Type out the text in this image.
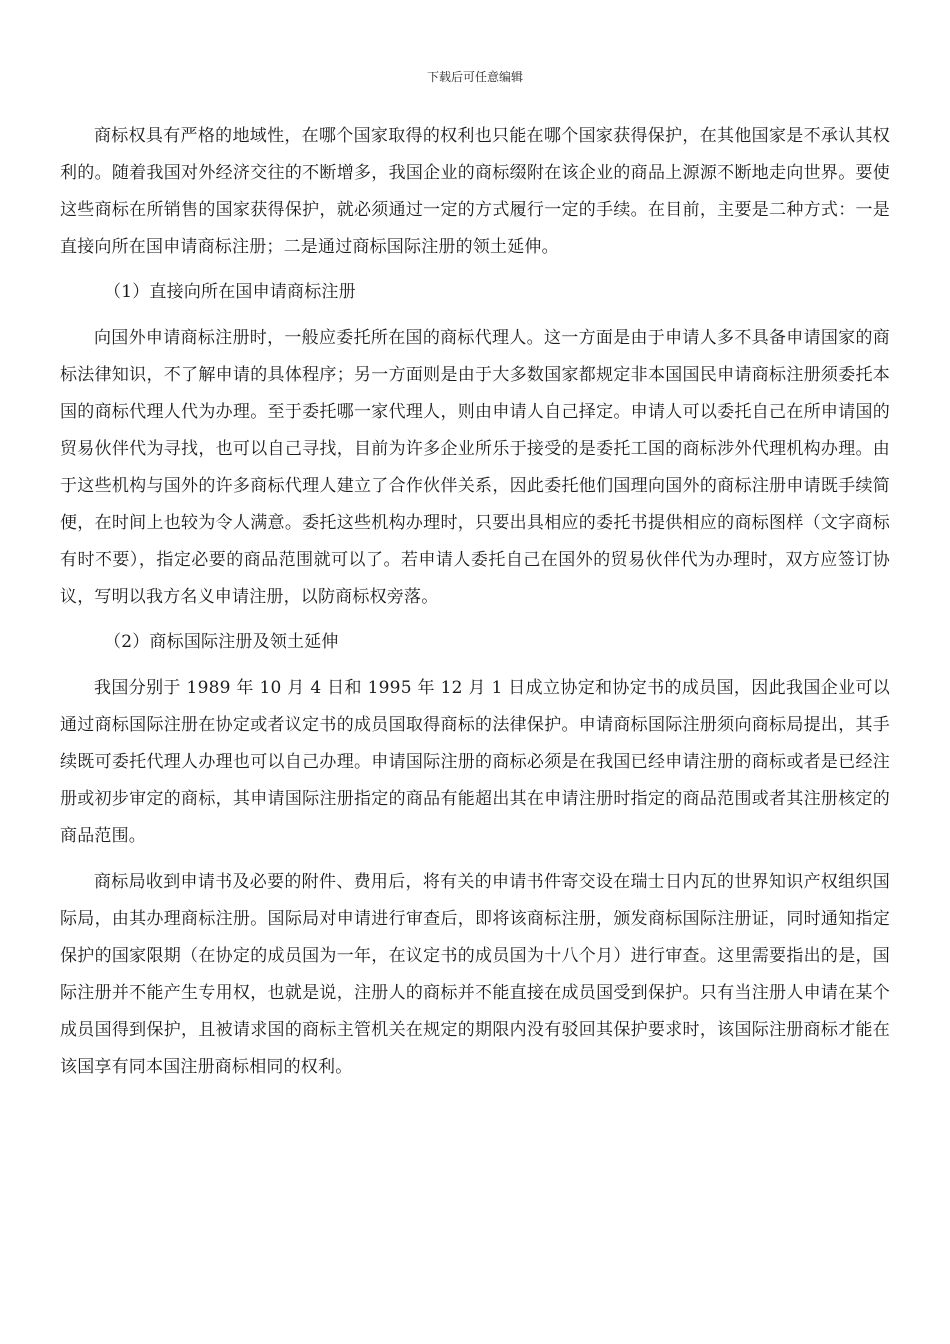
下载后可任意编辑

商标权具有严格的地域性，在哪个国家取得的权利也只能在哪个国家获得保护，在其他国家是不承认其权利的。随着我国对外经济交往的不断增多，我国企业的商标缀附在该企业的商品上源源不断地走向世界。要使这些商标在所销售的国家获得保护，就必须通过一定的方式履行一定的手续。在目前，主要是二种方式：一是直接向所在国申请商标注册；二是通过商标国际注册的领土延伸。

（1）直接向所在国申请商标注册

向国外申请商标注册时，一般应委托所在国的商标代理人。这一方面是由于申请人多不具备申请国家的商标法律知识，不了解申请的具体程序；另一方面则是由于大多数国家都规定非本国国民申请商标注册须委托本国的商标代理人代为办理。至于委托哪一家代理人，则由申请人自己择定。申请人可以委托自己在所申请国的贸易伙伴代为寻找，也可以自己寻找，目前为许多企业所乐于接受的是委托工国的商标涉外代理机构办理。由于这些机构与国外的许多商标代理人建立了合作伙伴关系，因此委托他们国理向国外的商标注册申请既手续简便，在时间上也较为令人满意。委托这些机构办理时，只要出具相应的委托书提供相应的商标图样（文字商标有时不要），指定必要的商品范围就可以了。若申请人委托自己在国外的贸易伙伴代为办理时，双方应签订协议，写明以我方名义申请注册，以防商标权旁落。

（2）商标国际注册及领土延伸

我国分别于 1989 年 10 月 4 日和 1995 年 12 月 1 日成立协定和协定书的成员国，因此我国企业可以通过商标国际注册在协定或者议定书的成员国取得商标的法律保护。申请商标国际注册须向商标局提出，其手续既可委托代理人办理也可以自己办理。申请国际注册的商标必须是在我国已经申请注册的商标或者是已经注册或初步审定的商标，其申请国际注册指定的商品有能超出其在申请注册时指定的商品范围或者其注册核定的商品范围。

商标局收到申请书及必要的附件、费用后，将有关的申请书件寄交设在瑞士日内瓦的世界知识产权组织国际局，由其办理商标注册。国际局对申请进行审查后，即将该商标注册，颁发商标国际注册证，同时通知指定保护的国家限期（在协定的成员国为一年，在议定书的成员国为十八个月）进行审查。这里需要指出的是，国际注册并不能产生专用权，也就是说，注册人的商标并不能直接在成员国受到保护。只有当注册人申请在某个成员国得到保护，且被请求国的商标主管机关在规定的期限内没有驳回其保护要求时，该国际注册商标才能在该国享有同本国注册商标相同的权利。
